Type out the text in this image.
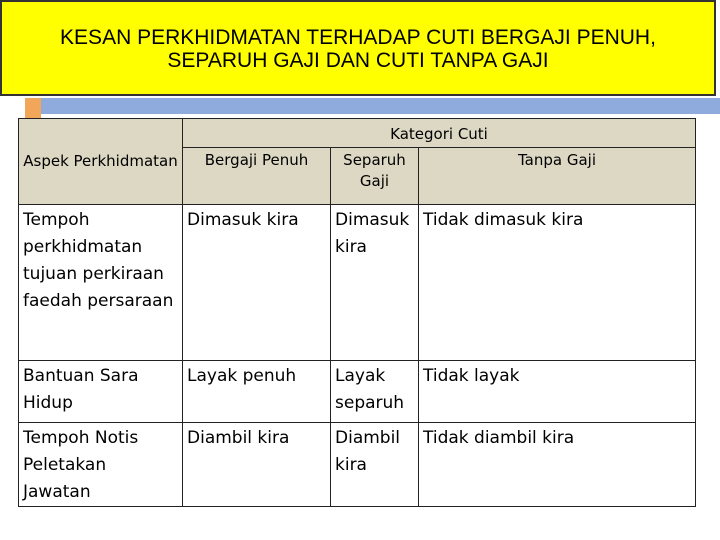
KESAN PERKHIDMATAN TERHADAP CUTI BERGAJI PENUH,
SEPARUH GAJI DAN CUTI TANPA GAJI
Aspek Perkhidmatan	Kategori Cuti		
	Bergaji Penuh	Separuh Gaji	Tanpa Gaji
Tempoh perkhidmatan tujuan perkiraan faedah persaraan	Dimasuk kira	Dimasuk kira	Tidak dimasuk kira
Bantuan Sara Hidup	Layak penuh	Layak separuh	Tidak layak
Tempoh Notis Peletakan Jawatan	Diambil kira	Diambil kira	Tidak diambil kira
